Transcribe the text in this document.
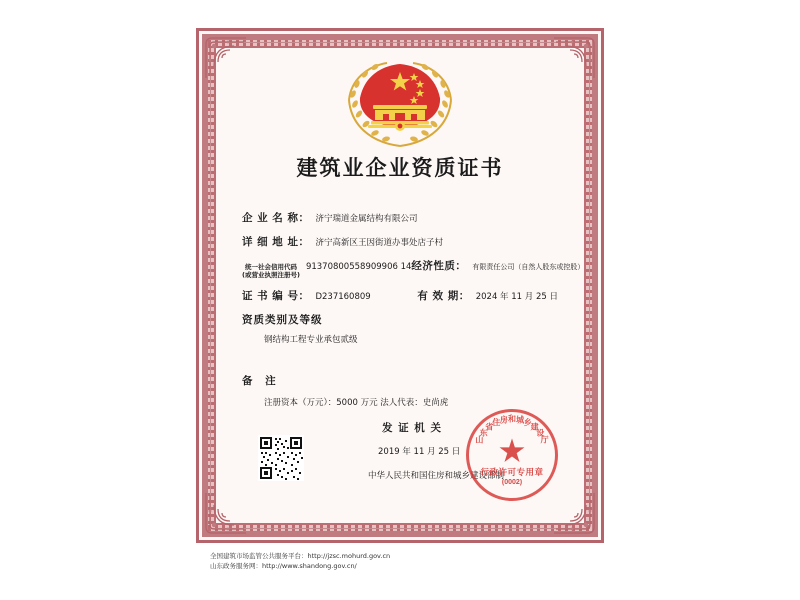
建筑业企业资质证书
企 业 名 称 ： 济宁瑞道金属结构有限公司
详 细 地 址 ： 济宁高新区王因街道办事处店子村
统一社会信用代码
(或营业执照注册号)
91370800558909906 14 经济性质 ： 有限责任公司（自然人股东或控股）
证 书 编 号 ： D237160809	有 效 期 ： 2024 年 11 月 25 日
资质类别及等级
钢结构工程专业承包贰级
备 注
注册资本（万元）：5000 万元 法人代表：史尚虎
发 证 机 关
2019 年 11 月 25 日
中华人民共和国住房和城乡建设部制
山
东
省
住 房 和 城 乡
建
设
厅
行政许可专用章
(0002)
全国建筑市场监管公共服务平台：http://jzsc.mohurd.gov.cn
山东政务服务网：http://www.shandong.gov.cn/
